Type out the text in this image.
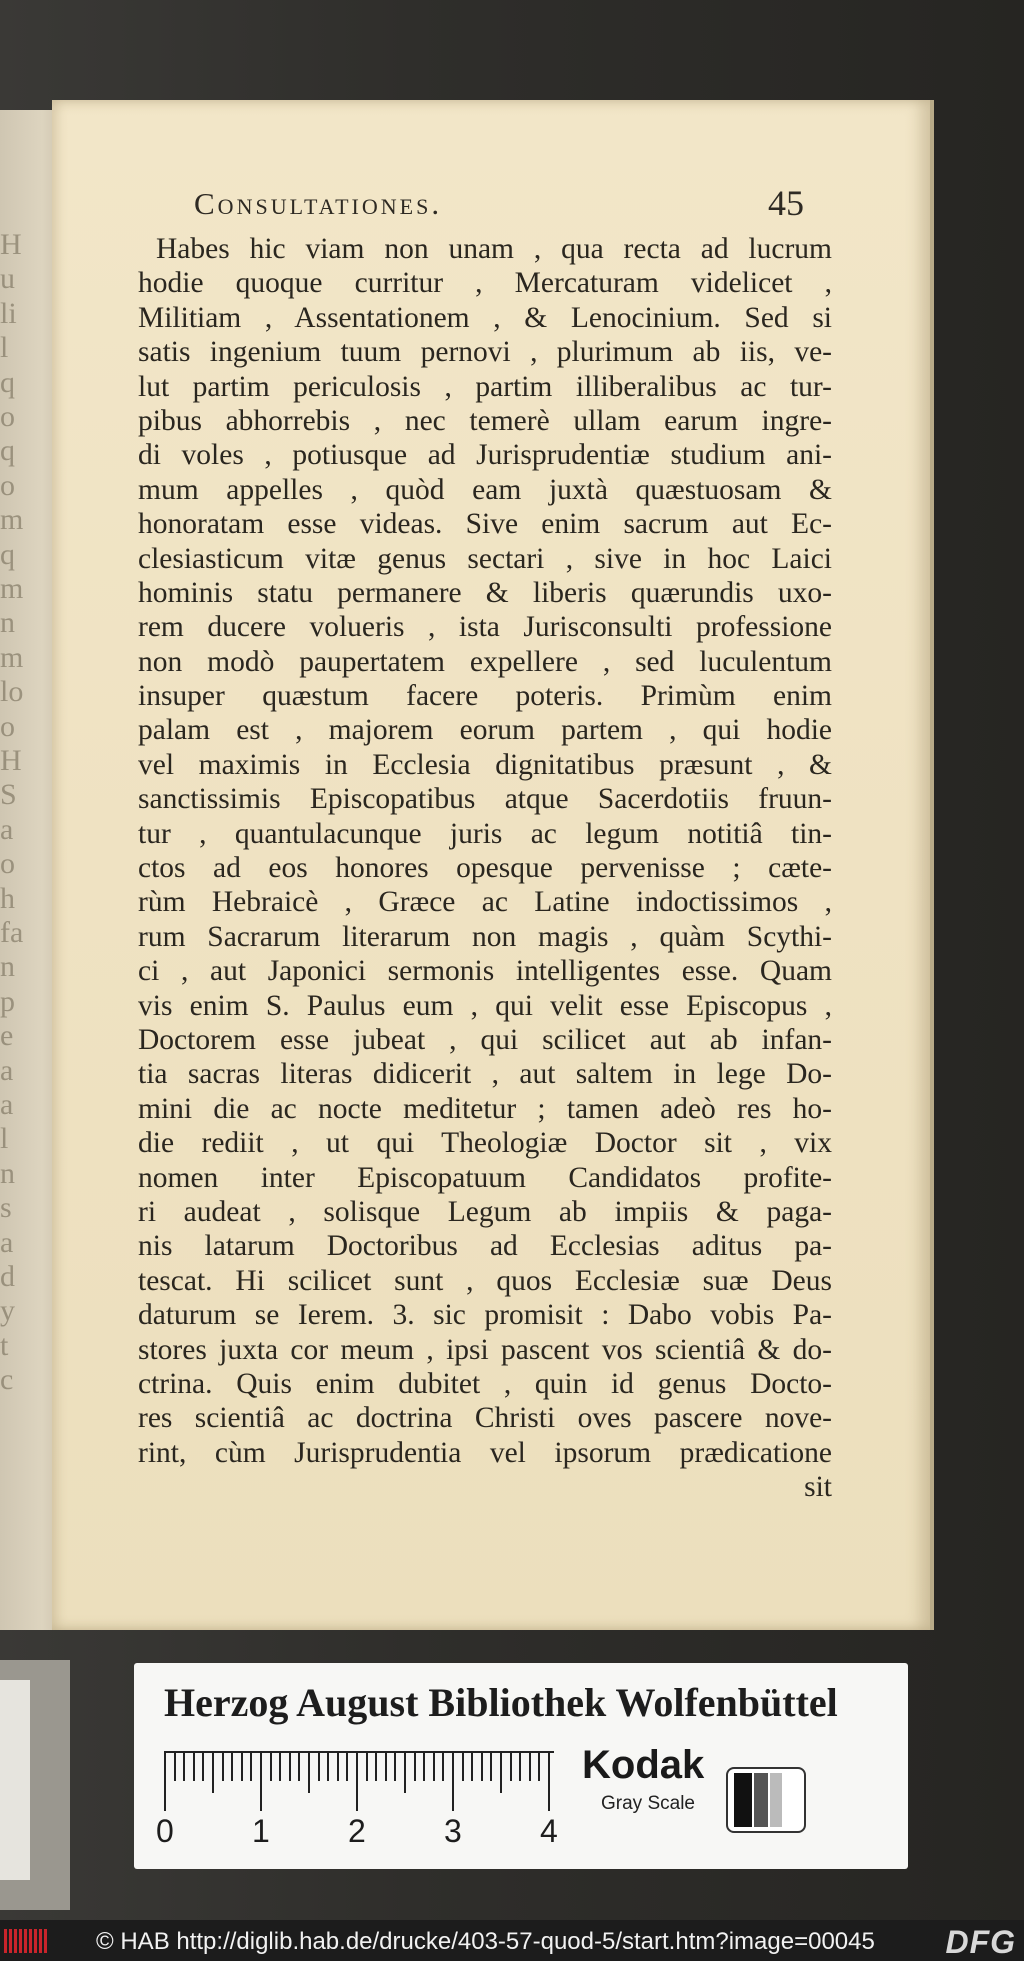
H
u
li
l
q
o
q
o
m
q
m
n
m
lo
o
H
S
a
o
h
fa
n
p
e
a
a
l
n
s
a
d
y
t
c
Consultationes.	45
Habes hic viam non unam , qua recta ad lucrum
hodie quoque curritur , Mercaturam videlicet ,
Militiam , Assentationem , & Lenocinium. Sed si
satis ingenium tuum pernovi , plurimum ab iis, ve-
lut partim periculosis , partim illiberalibus ac tur-
pibus abhorrebis , nec temerè ullam earum ingre-
di voles , potiusque ad Jurisprudentiæ studium ani-
mum appelles , quòd eam juxtà quæstuosam &
honoratam esse videas. Sive enim sacrum aut Ec-
clesiasticum vitæ genus sectari , sive in hoc Laici
hominis statu permanere & liberis quærundis uxo-
rem ducere volueris , ista Jurisconsulti professione
non modò paupertatem expellere , sed luculentum
insuper quæstum facere poteris. Primùm enim
palam est , majorem eorum partem , qui hodie
vel maximis in Ecclesia dignitatibus præsunt , &
sanctissimis Episcopatibus atque Sacerdotiis fruun-
tur , quantulacunque juris ac legum notitiâ tin-
ctos ad eos honores opesque pervenisse ; cæte-
rùm Hebraicè , Græce ac Latine indoctissimos ,
rum Sacrarum literarum non magis , quàm Scythi-
ci , aut Japonici sermonis intelligentes esse. Quam
vis enim S. Paulus eum , qui velit esse Episcopus ,
Doctorem esse jubeat , qui scilicet aut ab infan-
tia sacras literas didicerit , aut saltem in lege Do-
mini die ac nocte meditetur ; tamen adeò res ho-
die rediit , ut qui Theologiæ Doctor sit , vix
nomen inter Episcopatuum Candidatos profite-
ri audeat , solisque Legum ab impiis & paga-
nis latarum Doctoribus ad Ecclesias aditus pa-
tescat. Hi scilicet sunt , quos Ecclesiæ suæ Deus
daturum se Ierem. 3. sic promisit : Dabo vobis Pa-
stores juxta cor meum , ipsi pascent vos scientiâ & do-
ctrina. Quis enim dubitet , quin id genus Docto-
res scientiâ ac doctrina Christi oves pascere nove-
rint, cùm Jurisprudentia vel ipsorum prædicatione
sit
Herzog August Bibliothek Wolfenbüttel
0 1 2 3 4
Kodak
Gray Scale
© HAB http://diglib.hab.de/drucke/403-57-quod-5/start.htm?image=00045 DFG
